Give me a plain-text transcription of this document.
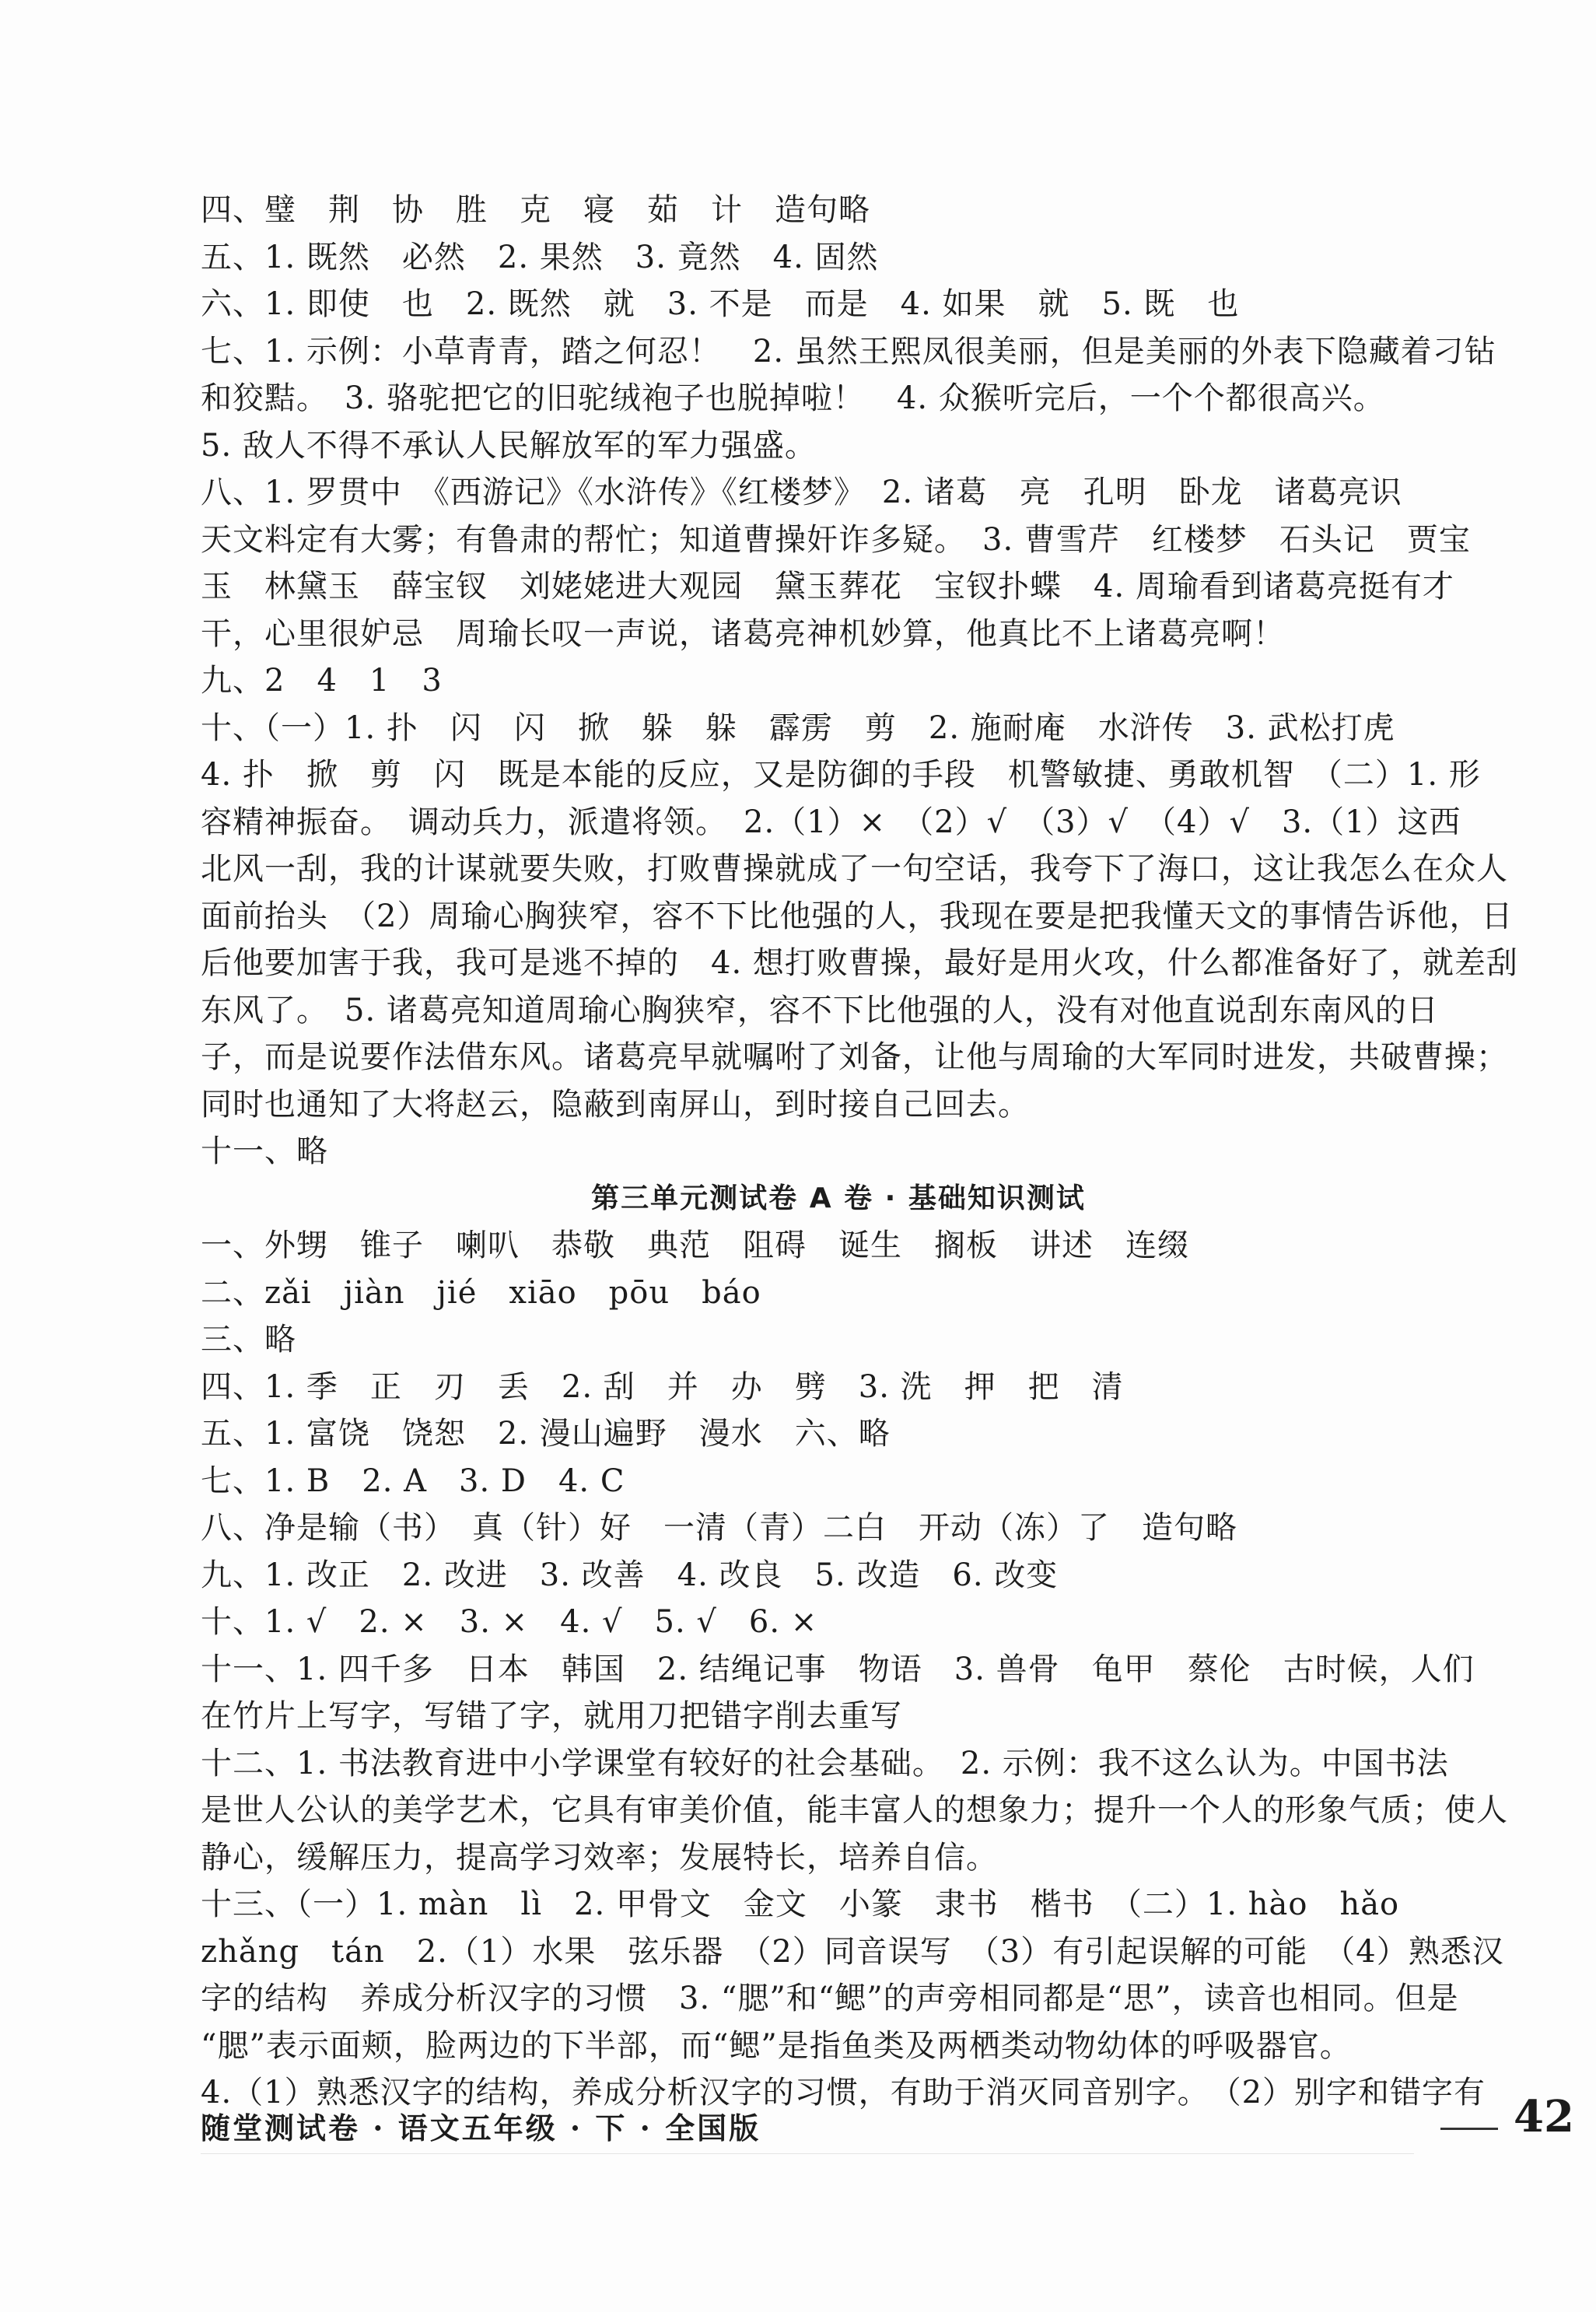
四、璧　荆　协　胜　克　寝　茹　计　造句略
五、1. 既然　必然　2. 果然　3. 竟然　4. 固然
六、1. 即使　也　2. 既然　就　3. 不是　而是　4. 如果　就　5. 既　也
七、1. 示例：小草青青，踏之何忍！　2. 虽然王熙凤很美丽，但是美丽的外表下隐藏着刁钻
和狡黠。　3. 骆驼把它的旧驼绒袍子也脱掉啦！　4. 众猴听完后，一个个都很高兴。
5. 敌人不得不承认人民解放军的军力强盛。
八、1. 罗贯中　《西游记》《水浒传》《红楼梦》　2. 诸葛　亮　孔明　卧龙　诸葛亮识
天文料定有大雾；有鲁肃的帮忙；知道曹操奸诈多疑。　3. 曹雪芹　红楼梦　石头记　贾宝
玉　林黛玉　薛宝钗　刘姥姥进大观园　黛玉葬花　宝钗扑蝶　4. 周瑜看到诸葛亮挺有才
干，心里很妒忌　周瑜长叹一声说，诸葛亮神机妙算，他真比不上诸葛亮啊！
九、2　4　1　3
十、（一）1. 扑　闪　闪　掀　躲　躲　霹雳　剪　2. 施耐庵　水浒传　3. 武松打虎
4. 扑　掀　剪　闪　既是本能的反应，又是防御的手段　机警敏捷、勇敢机智　（二）1. 形
容精神振奋。　调动兵力，派遣将领。　2.（1）×　（2）√　（3）√　（4）√　3.（1）这西
北风一刮，我的计谋就要失败，打败曹操就成了一句空话，我夸下了海口，这让我怎么在众人
面前抬头　（2）周瑜心胸狭窄，容不下比他强的人，我现在要是把我懂天文的事情告诉他，日
后他要加害于我，我可是逃不掉的　4. 想打败曹操，最好是用火攻，什么都准备好了，就差刮
东风了。　5. 诸葛亮知道周瑜心胸狭窄，容不下比他强的人，没有对他直说刮东南风的日
子，而是说要作法借东风。诸葛亮早就嘱咐了刘备，让他与周瑜的大军同时进发，共破曹操；
同时也通知了大将赵云，隐蔽到南屏山，到时接自己回去。
十一、略
第三单元测试卷 A 卷 · 基础知识测试
一、外甥　锥子　喇叭　恭敬　典范　阻碍　诞生　搁板　讲述　连缀
二、zǎi　jiàn　jié　xiāo　pōu　báo
三、略
四、1. 季　正　刃　丢　2. 刮　并　办　劈　3. 洗　押　把　清
五、1. 富饶　饶恕　2. 漫山遍野　漫水　六、略
七、1. B　2. A　3. D　4. C
八、净是输（书）　真（针）好　一清（青）二白　开动（冻）了　造句略
九、1. 改正　2. 改进　3. 改善　4. 改良　5. 改造　6. 改变
十、1. √　2. ×　3. ×　4. √　5. √　6. ×
十一、1. 四千多　日本　韩国　2. 结绳记事　物语　3. 兽骨　龟甲　蔡伦　古时候，人们
在竹片上写字，写错了字，就用刀把错字削去重写
十二、1. 书法教育进中小学课堂有较好的社会基础。　2. 示例：我不这么认为。中国书法
是世人公认的美学艺术，它具有审美价值，能丰富人的想象力；提升一个人的形象气质；使人
静心，缓解压力，提高学习效率；发展特长，培养自信。
十三、（一）1. màn　lì　2. 甲骨文　金文　小篆　隶书　楷书　（二）1. hào　hǎo
zhǎng　tán　2.（1）水果　弦乐器　（2）同音误写　（3）有引起误解的可能　（4）熟悉汉
字的结构　养成分析汉字的习惯　3. “腮”和“鳃”的声旁相同都是“思”，读音也相同。但是
“腮”表示面颊，脸两边的下半部，而“鳃”是指鱼类及两栖类动物幼体的呼吸器官。
4.（1）熟悉汉字的结构，养成分析汉字的习惯，有助于消灭同音别字。　（2）别字和错字有
随堂测试卷 · 语文五年级 · 下 · 全国版	42
